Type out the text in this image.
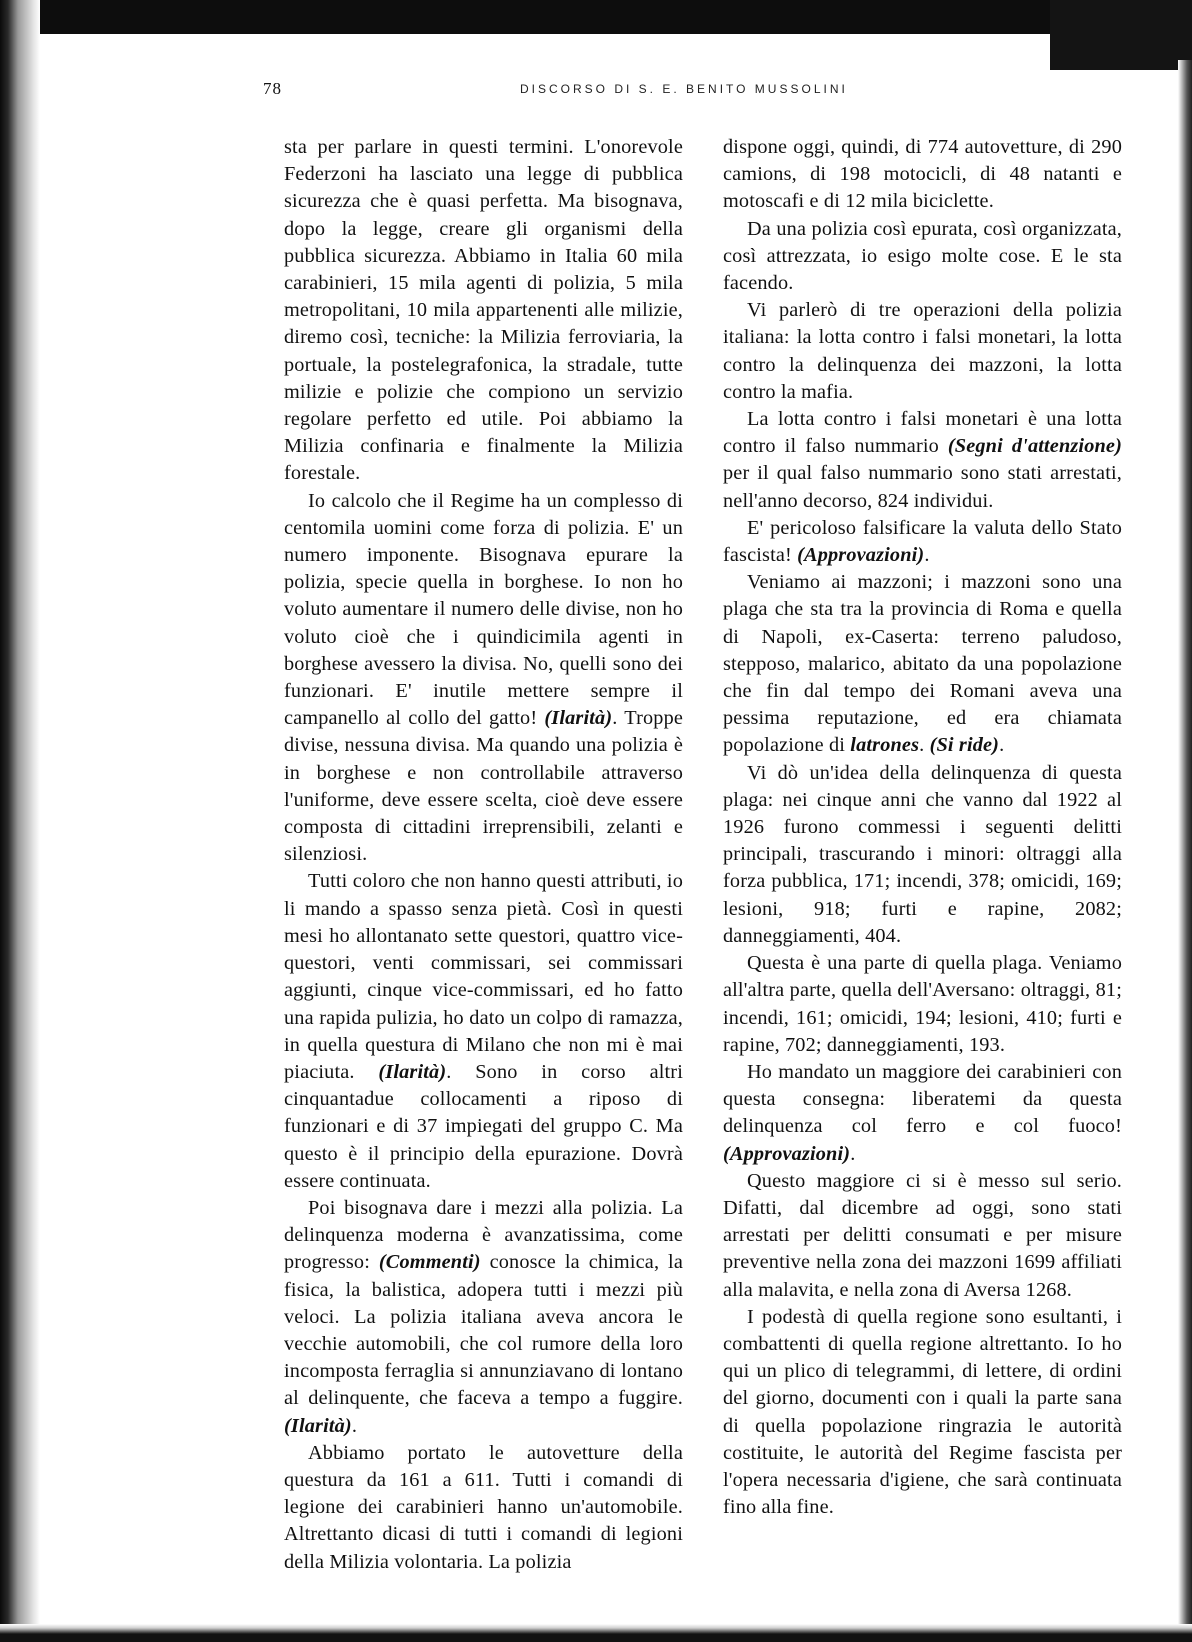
78	DISCORSO DI S. E. BENITO MUSSOLINI

sta per parlare in questi termini. L'onorevole Federzoni ha lasciato una legge di pubblica sicurezza che è quasi perfetta. Ma bisognava, dopo la legge, creare gli organismi della pubblica sicurezza. Abbiamo in Italia 60 mila carabinieri, 15 mila agenti di polizia, 5 mila metropolitani, 10 mila appartenenti alle milizie, diremo così, tecniche: la Milizia ferroviaria, la portuale, la postelegrafonica, la stradale, tutte milizie e polizie che compiono un servizio regolare perfetto ed utile. Poi abbiamo la Milizia confinaria e finalmente la Milizia forestale.

Io calcolo che il Regime ha un complesso di centomila uomini come forza di polizia. E' un numero imponente. Bisognava epurare la polizia, specie quella in borghese. Io non ho voluto aumentare il numero delle divise, non ho voluto cioè che i quindicimila agenti in borghese avessero la divisa. No, quelli sono dei funzionari. E' inutile mettere sempre il campanello al collo del gatto! (Ilarità). Troppe divise, nessuna divisa. Ma quando una polizia è in borghese e non controllabile attraverso l'uniforme, deve essere scelta, cioè deve essere composta di cittadini irreprensibili, zelanti e silenziosi.

Tutti coloro che non hanno questi attributi, io li mando a spasso senza pietà. Così in questi mesi ho allontanato sette questori, quattro vice-questori, venti commissari, sei commissari aggiunti, cinque vice-commissari, ed ho fatto una rapida pulizia, ho dato un colpo di ramazza, in quella questura di Milano che non mi è mai piaciuta. (Ilarità). Sono in corso altri cinquantadue collocamenti a riposo di funzionari e di 37 impiegati del gruppo C. Ma questo è il principio della epurazione. Dovrà essere continuata.

Poi bisognava dare i mezzi alla polizia. La delinquenza moderna è avanzatissima, come progresso: (Commenti) conosce la chimica, la fisica, la balistica, adopera tutti i mezzi più veloci. La polizia italiana aveva ancora le vecchie automobili, che col rumore della loro incomposta ferraglia si annunziavano di lontano al delinquente, che faceva a tempo a fuggire. (Ilarità).

Abbiamo portato le autovetture della questura da 161 a 611. Tutti i comandi di legione dei carabinieri hanno un'automobile. Altrettanto dicasi di tutti i comandi di legioni della Milizia volontaria. La polizia

dispone oggi, quindi, di 774 autovetture, di 290 camions, di 198 motocicli, di 48 natanti e motoscafi e di 12 mila biciclette.

Da una polizia così epurata, così organizzata, così attrezzata, io esigo molte cose. E le sta facendo.

Vi parlerò di tre operazioni della polizia italiana: la lotta contro i falsi monetari, la lotta contro la delinquenza dei mazzoni, la lotta contro la mafia.

La lotta contro i falsi monetari è una lotta contro il falso nummario (Segni d'attenzione) per il qual falso nummario sono stati arrestati, nell'anno decorso, 824 individui.

E' pericoloso falsificare la valuta dello Stato fascista! (Approvazioni).

Veniamo ai mazzoni; i mazzoni sono una plaga che sta tra la provincia di Roma e quella di Napoli, ex-Caserta: terreno paludoso, stepposo, malarico, abitato da una popolazione che fin dal tempo dei Romani aveva una pessima reputazione, ed era chiamata popolazione di latrones. (Si ride).

Vi dò un'idea della delinquenza di questa plaga: nei cinque anni che vanno dal 1922 al 1926 furono commessi i seguenti delitti principali, trascurando i minori: oltraggi alla forza pubblica, 171; incendi, 378; omicidi, 169; lesioni, 918; furti e rapine, 2082; danneggiamenti, 404.

Questa è una parte di quella plaga. Veniamo all'altra parte, quella dell'Aversano: oltraggi, 81; incendi, 161; omicidi, 194; lesioni, 410; furti e rapine, 702; danneggiamenti, 193.

Ho mandato un maggiore dei carabinieri con questa consegna: liberatemi da questa delinquenza col ferro e col fuoco! (Approvazioni).

Questo maggiore ci si è messo sul serio. Difatti, dal dicembre ad oggi, sono stati arrestati per delitti consumati e per misure preventive nella zona dei mazzoni 1699 affiliati alla malavita, e nella zona di Aversa 1268.

I podestà di quella regione sono esultanti, i combattenti di quella regione altrettanto. Io ho qui un plico di telegrammi, di lettere, di ordini del giorno, documenti con i quali la parte sana di quella popolazione ringrazia le autorità costituite, le autorità del Regime fascista per l'opera necessaria d'igiene, che sarà continuata fino alla fine.
